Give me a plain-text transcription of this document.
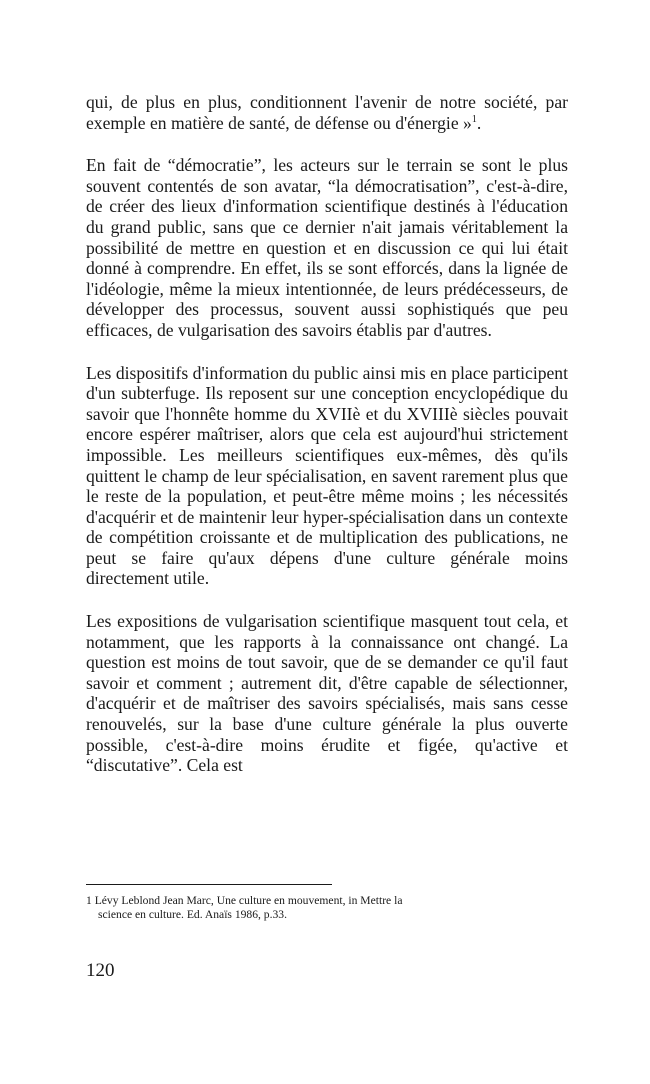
qui, de plus en plus, conditionnent l'avenir de notre société, par exemple en matière de santé, de défense ou d'énergie »$^1$.

En fait de “démocratie”, les acteurs sur le terrain se sont le plus souvent contentés de son avatar, “la démocratisation”, c'est-à-dire, de créer des lieux d'information scientifique destinés à l'éducation du grand public, sans que ce dernier n'ait jamais véritablement la possibilité de mettre en question et en discussion ce qui lui était donné à comprendre. En effet, ils se sont efforcés, dans la lignée de l'idéologie, même la mieux intentionnée, de leurs prédécesseurs, de développer des processus, souvent aussi sophistiqués que peu efficaces, de vulgarisation des savoirs établis par d'autres.

Les dispositifs d'information du public ainsi mis en place participent d'un subterfuge. Ils reposent sur une conception encyclopédique du savoir que l'honnête homme du XVIIè et du XVIIIè siècles pouvait encore espérer maîtriser, alors que cela est aujourd'hui strictement impossible. Les meilleurs scientifiques eux-mêmes, dès qu'ils quittent le champ de leur spécialisation, en savent rarement plus que le reste de la population, et peut-être même moins ; les nécessités d'acquérir et de maintenir leur hyper-spécialisation dans un contexte de compétition croissante et de multiplication des publications, ne peut se faire qu'aux dépens d'une culture générale moins directement utile.

Les expositions de vulgarisation scientifique masquent tout cela, et notamment, que les rapports à la connaissance ont changé. La question est moins de tout savoir, que de se demander ce qu'il faut savoir et comment ; autrement dit, d'être capable de sélectionner, d'acquérir et de maîtriser des savoirs spécialisés, mais sans cesse renouvelés, sur la base d'une culture générale la plus ouverte possible, c'est-à-dire moins érudite et figée, qu'active et “discutative”. Cela est

1 Lévy Leblond Jean Marc, Une culture en mouvement, in Mettre la
science en culture. Ed. Anaïs 1986, p.33.
120
